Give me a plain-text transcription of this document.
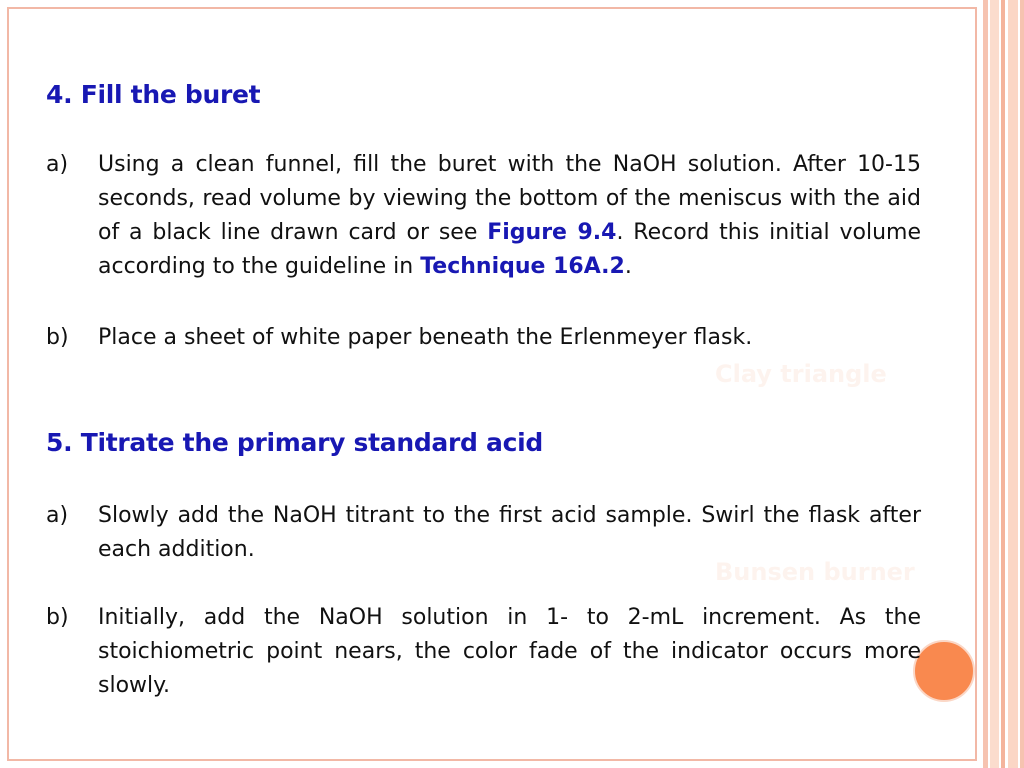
Clay triangle
Bunsen burner
4. Fill the buret
a) Using a clean funnel, fill the buret with the NaOH solution. After 10-15 seconds, read volume by viewing the bottom of the meniscus with the aid of a black line drawn card or see Figure 9.4. Record this initial volume according to the guideline in Technique 16A.2.
b) Place a sheet of white paper beneath the Erlenmeyer flask.
5. Titrate the primary standard acid
a) Slowly add the NaOH titrant to the first acid sample. Swirl the flask after each addition.
b) Initially, add the NaOH solution in 1- to 2-mL increment. As the stoichiometric point nears, the color fade of the indicator occurs more slowly.
